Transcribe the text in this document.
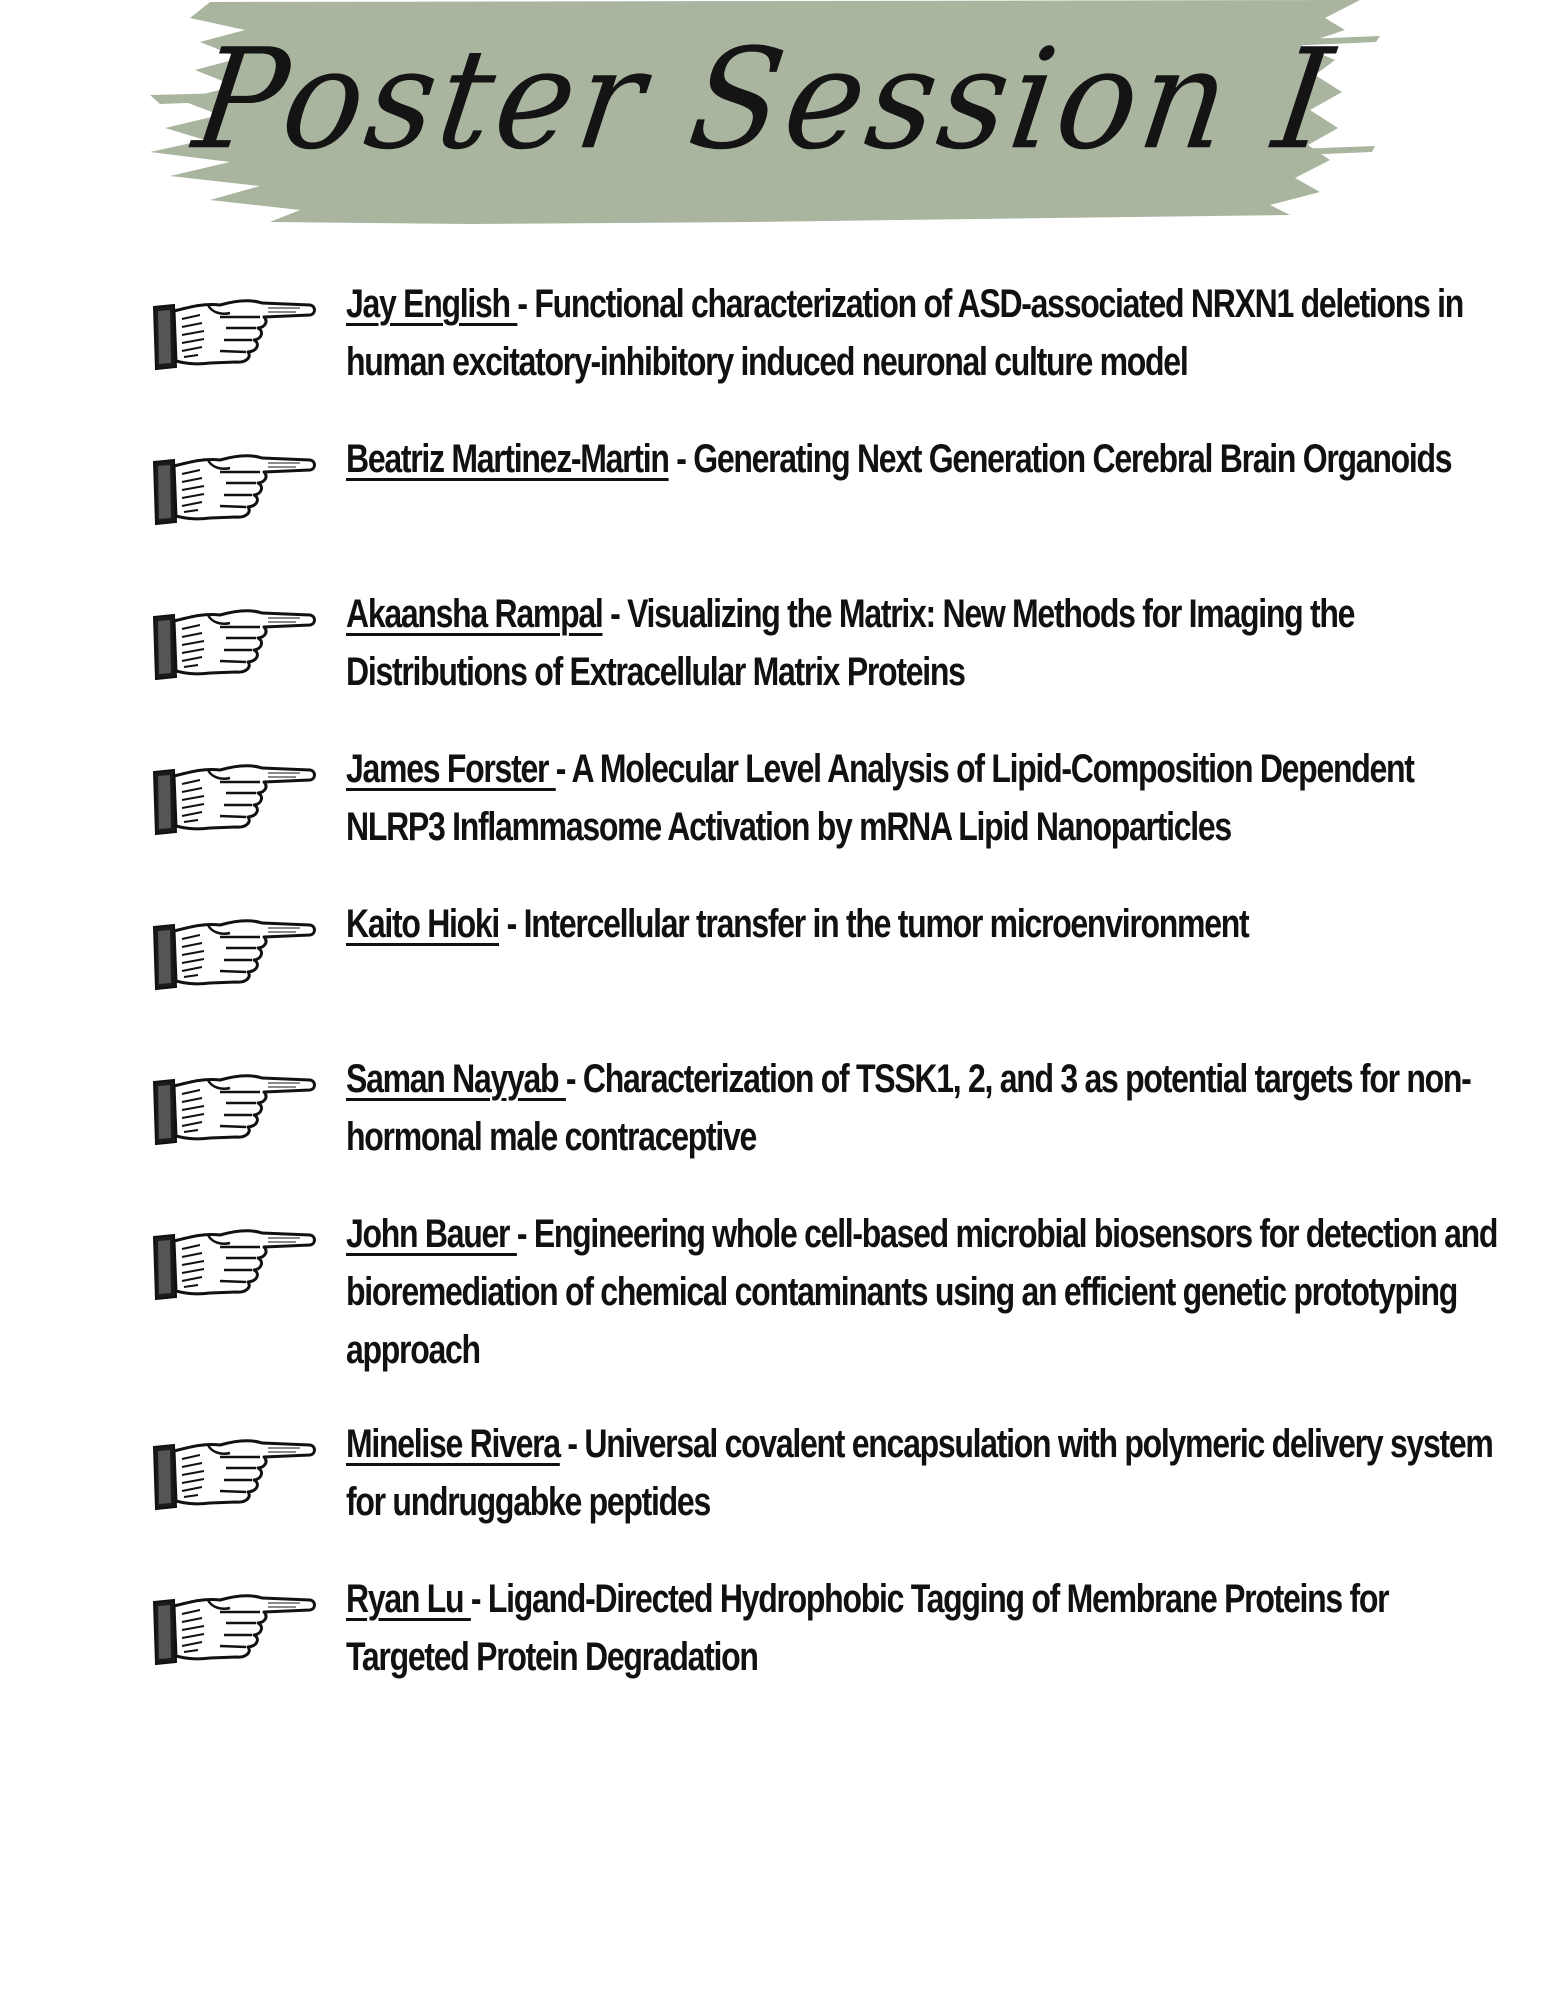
Poster Session I
Jay English - Functional characterization of ASD-associated NRXN1 deletions in human excitatory-inhibitory induced neuronal culture model
Beatriz Martinez-Martin - Generating Next Generation Cerebral Brain Organoids
Akaansha Rampal - Visualizing the Matrix: New Methods for Imaging the Distributions of Extracellular Matrix Proteins
James Forster - A Molecular Level Analysis of Lipid-Composition Dependent NLRP3 Inflammasome Activation by mRNA Lipid Nanoparticles
Kaito Hioki - Intercellular transfer in the tumor microenvironment
Saman Nayyab - Characterization of TSSK1, 2, and 3 as potential targets for non-hormonal male contraceptive
John Bauer - Engineering whole cell-based microbial biosensors for detection and bioremediation of chemical contaminants using an efficient genetic prototyping approach
Minelise Rivera - Universal covalent encapsulation with polymeric delivery system for undruggabke peptides
Ryan Lu - Ligand-Directed Hydrophobic Tagging of Membrane Proteins for Targeted Protein Degradation
